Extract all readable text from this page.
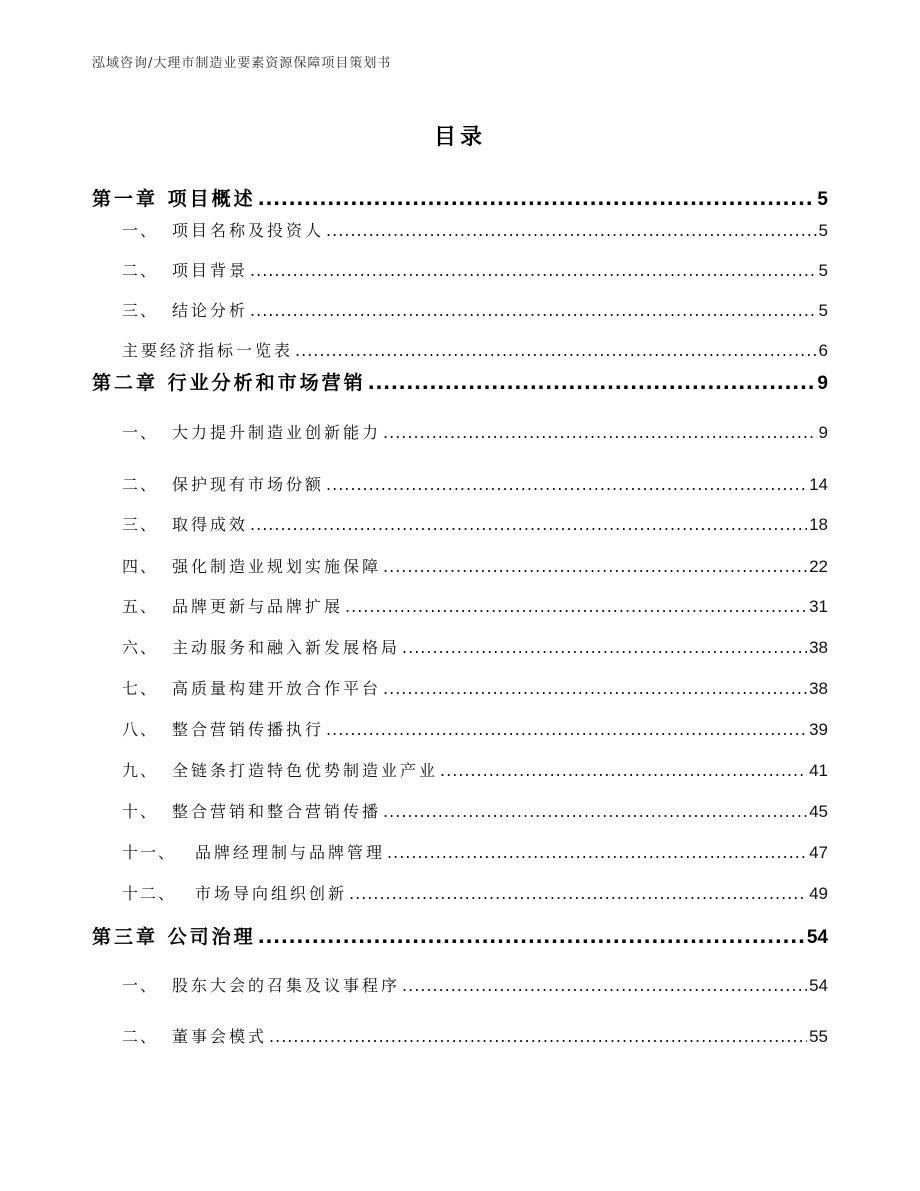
泓域咨询/大理市制造业要素资源保障项目策划书
目录
第一章 项目概述 .....	5
一、 项目名称及投资人 .....	5
二、 项目背景 .....	5
三、 结论分析 .....	5
主要经济指标一览表 .....	6
第二章 行业分析和市场营销 .....	9
一、 大力提升制造业创新能力 .....	9
二、 保护现有市场份额 .....	14
三、 取得成效 .....	18
四、 强化制造业规划实施保障 .....	22
五、 品牌更新与品牌扩展 .....	31
六、 主动服务和融入新发展格局 .....	38
七、 高质量构建开放合作平台 .....	38
八、 整合营销传播执行 .....	39
九、 全链条打造特色优势制造业产业 .....	41
十、 整合营销和整合营销传播 .....	45
十一、	品牌经理制与品牌管理 .....	47
十二、	市场导向组织创新 .....	49
第三章 公司治理 .....	54
一、 股东大会的召集及议事程序 .....	54
二、 董事会模式 .....	55
